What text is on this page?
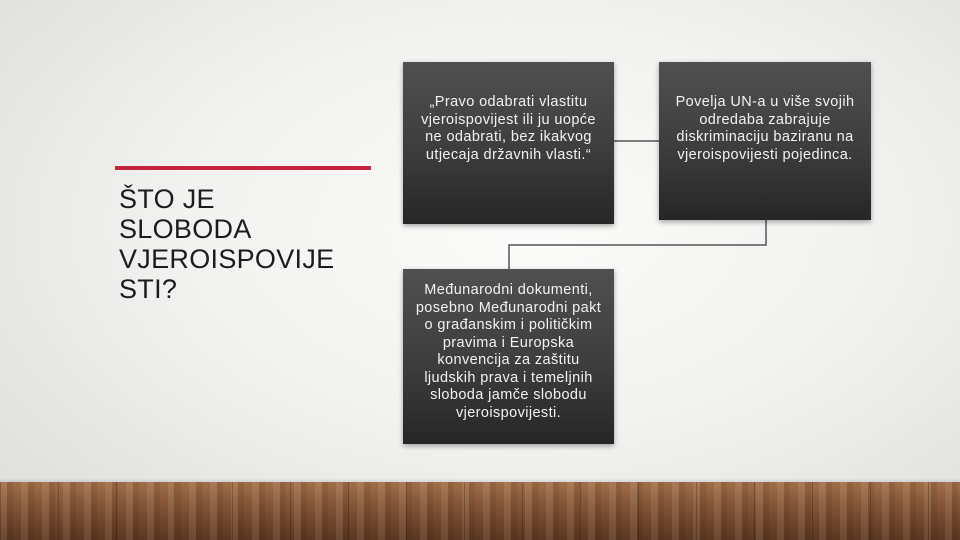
ŠTO JE
SLOBODA
VJEROISPOVIJE
STI?
„Pravo odabrati vlastitu vjeroispovijest ili ju uopće ne odabrati, bez ikakvog utjecaja državnih vlasti.“
Povelja UN-a u više svojih odredaba zabrajuje diskriminaciju baziranu na vjeroispovijesti pojedinca.
Međunarodni dokumenti, posebno Međunarodni pakt o građanskim i političkim pravima i Europska konvencija za zaštitu ljudskih prava i temeljnih sloboda jamče slobodu vjeroispovijesti.
